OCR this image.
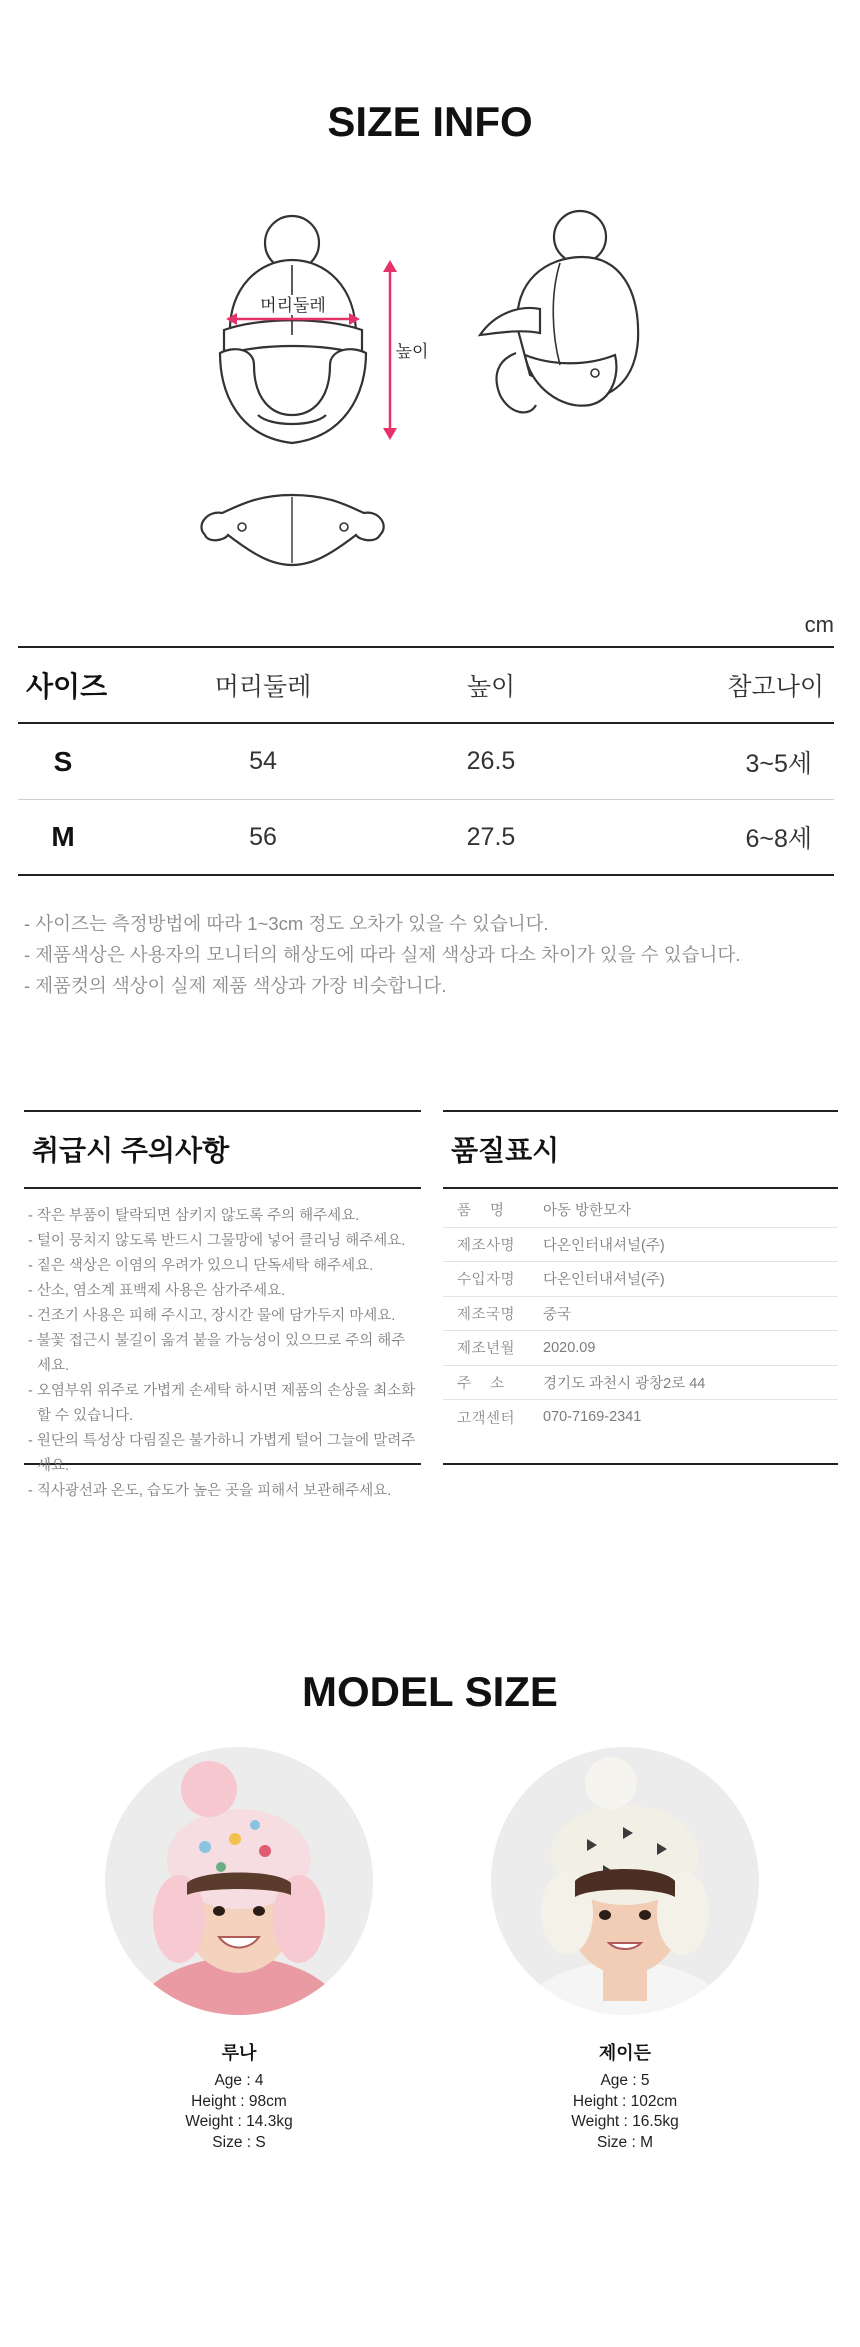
SIZE INFO
머리둘레
높이
cm
사이즈	머리둘레	높이	참고나이
S	54	26.5	3~5세
M	56	27.5	6~8세

- 사이즈는 측정방법에 따라 1~3cm 정도 오차가 있을 수 있습니다.

- 제품색상은 사용자의 모니터의 해상도에 따라 실제 색상과 다소 차이가 있을 수 있습니다.

- 제품컷의 색상이 실제 제품 색상과 가장 비슷합니다.

취급시 주의사항
- 작은 부품이 탈락되면 삼키지 않도록 주의 해주세요.
- 털이 뭉치지 않도록 반드시 그물망에 넣어 클리닝 해주세요.
- 짙은 색상은 이염의 우려가 있으니 단독세탁 해주세요.
- 산소, 염소계 표백제 사용은 삼가주세요.
- 건조기 사용은 피해 주시고, 장시간 물에 담가두지 마세요.
- 불꽃 접근시 불길이 옮겨 붙을 가능성이 있으므로 주의 해주세요.
- 오염부위 위주로 가볍게 손세탁 하시면 제품의 손상을 최소화 할 수 있습니다.
- 원단의 특성상 다림질은 불가하니 가볍게 털어 그늘에 말려주세요.
- 직사광선과 온도, 습도가 높은 곳을 피해서 보관해주세요.
품질표시
품명	아동 방한모자
제조사명	다온인터내셔널(주)
수입자명	다온인터내셔널(주)
제조국명	중국
제조년월	2020.09
주소	경기도 과천시 광창2로 44
고객센터	070-7169-2341
MODEL SIZE
루나
Age : 4
Height : 98cm
Weight : 14.3kg
Size : S
제이든
Age : 5
Height : 102cm
Weight : 16.5kg
Size : M
